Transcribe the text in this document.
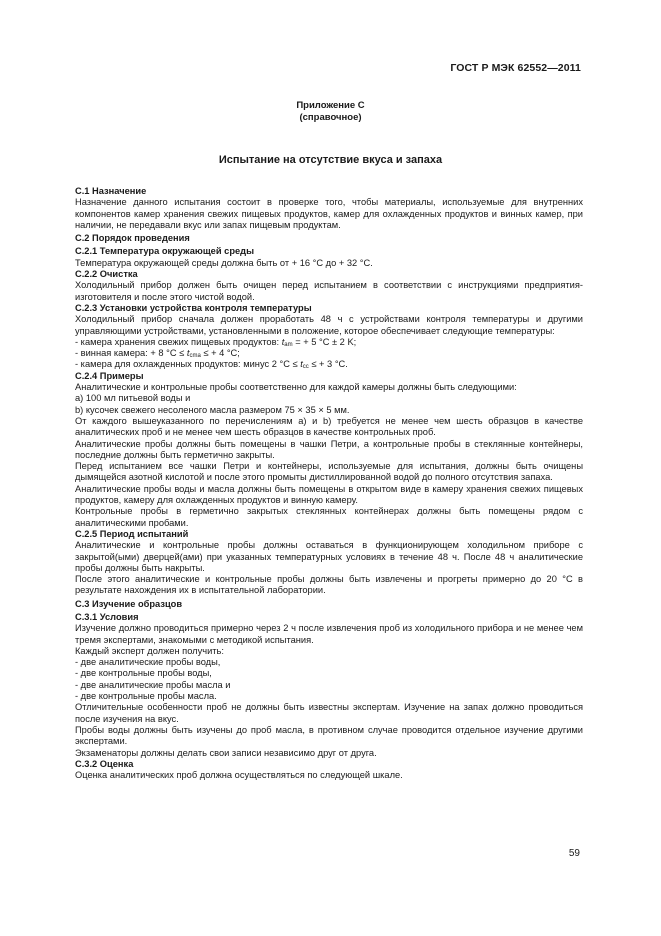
ГОСТ Р МЭК 62552—2011
Приложение С
(справочное)
Испытание на отсутствие вкуса и запаха

С.1 Назначение

Назначение данного испытания состоит в проверке того, чтобы материалы, используемые для внутренних компонентов камер хранения свежих пищевых продуктов, камер для охлажденных продуктов и винных камер, при наличии, не передавали вкус или запах пищевым продуктам.

С.2 Порядок проведения

С.2.1 Температура окружающей среды

Температура окружающей среды должна быть от + 16 °С до + 32 °С.

С.2.2 Очистка

Холодильный прибор должен быть очищен перед испытанием в соответствии с инструкциями предприятия-изготовителя и после этого чистой водой.

С.2.3 Установки устройства контроля температуры

Холодильный прибор сначала должен проработать 48 ч с устройствами контроля температуры и другими управляющими устройствами, установленными в положение, которое обеспечивает следующие температуры:

- камера хранения свежих пищевых продуктов: $t_{am}$ = + 5 °С ± 2 K;

- винная камера: + 8 $^\circ С \le t_{cma}$ ≤ + 4 °С;

- камера для охлажденных продуктов: минус 2 $^\circ С \le t_{cc}$ ≤ + 3 °С.

С.2.4 Примеры

Аналитические и контрольные пробы соответственно для каждой камеры должны быть следующими:

a) 100 мл питьевой воды и

b) кусочек свежего несоленого масла размером 75 × 35 × 5 мм.

От каждого вышеуказанного по перечислениям а) и b) требуется не менее чем шесть образцов в качестве аналитических проб и не менее чем шесть образцов в качестве контрольных проб.

Аналитические пробы должны быть помещены в чашки Петри, а контрольные пробы в стеклянные контейнеры, последние должны быть герметично закрыты.

Перед испытанием все чашки Петри и контейнеры, используемые для испытания, должны быть очищены дымящейся азотной кислотой и после этого промыты дистиллированной водой до полного отсутствия запаха.

Аналитические пробы воды и масла должны быть помещены в открытом виде в камеру хранения свежих пищевых продуктов, камеру для охлажденных продуктов и винную камеру.

Контрольные пробы в герметично закрытых стеклянных контейнерах должны быть помещены рядом с аналитическими пробами.

С.2.5 Период испытаний

Аналитические и контрольные пробы должны оставаться в функционирующем холодильном приборе с закрытой(ыми) дверцей(ами) при указанных температурных условиях в течение 48 ч. После 48 ч аналитические пробы должны быть накрыты.

После этого аналитические и контрольные пробы должны быть извлечены и прогреты примерно до 20 °С в результате нахождения их в испытательной лаборатории.

С.3 Изучение образцов

С.3.1 Условия

Изучение должно проводиться примерно через 2 ч после извлечения проб из холодильного прибора и не менее чем тремя экспертами, знакомыми с методикой испытания.

Каждый эксперт должен получить:

- две аналитические пробы воды,

- две контрольные пробы воды,

- две аналитические пробы масла и

- две контрольные пробы масла.

Отличительные особенности проб не должны быть известны экспертам. Изучение на запах должно проводиться после изучения на вкус.

Пробы воды должны быть изучены до проб масла, в противном случае проводится отдельное изучение другими экспертами.

Экзаменаторы должны делать свои записи независимо друг от друга.

С.3.2 Оценка

Оценка аналитических проб должна осуществляться по следующей шкале.

59
